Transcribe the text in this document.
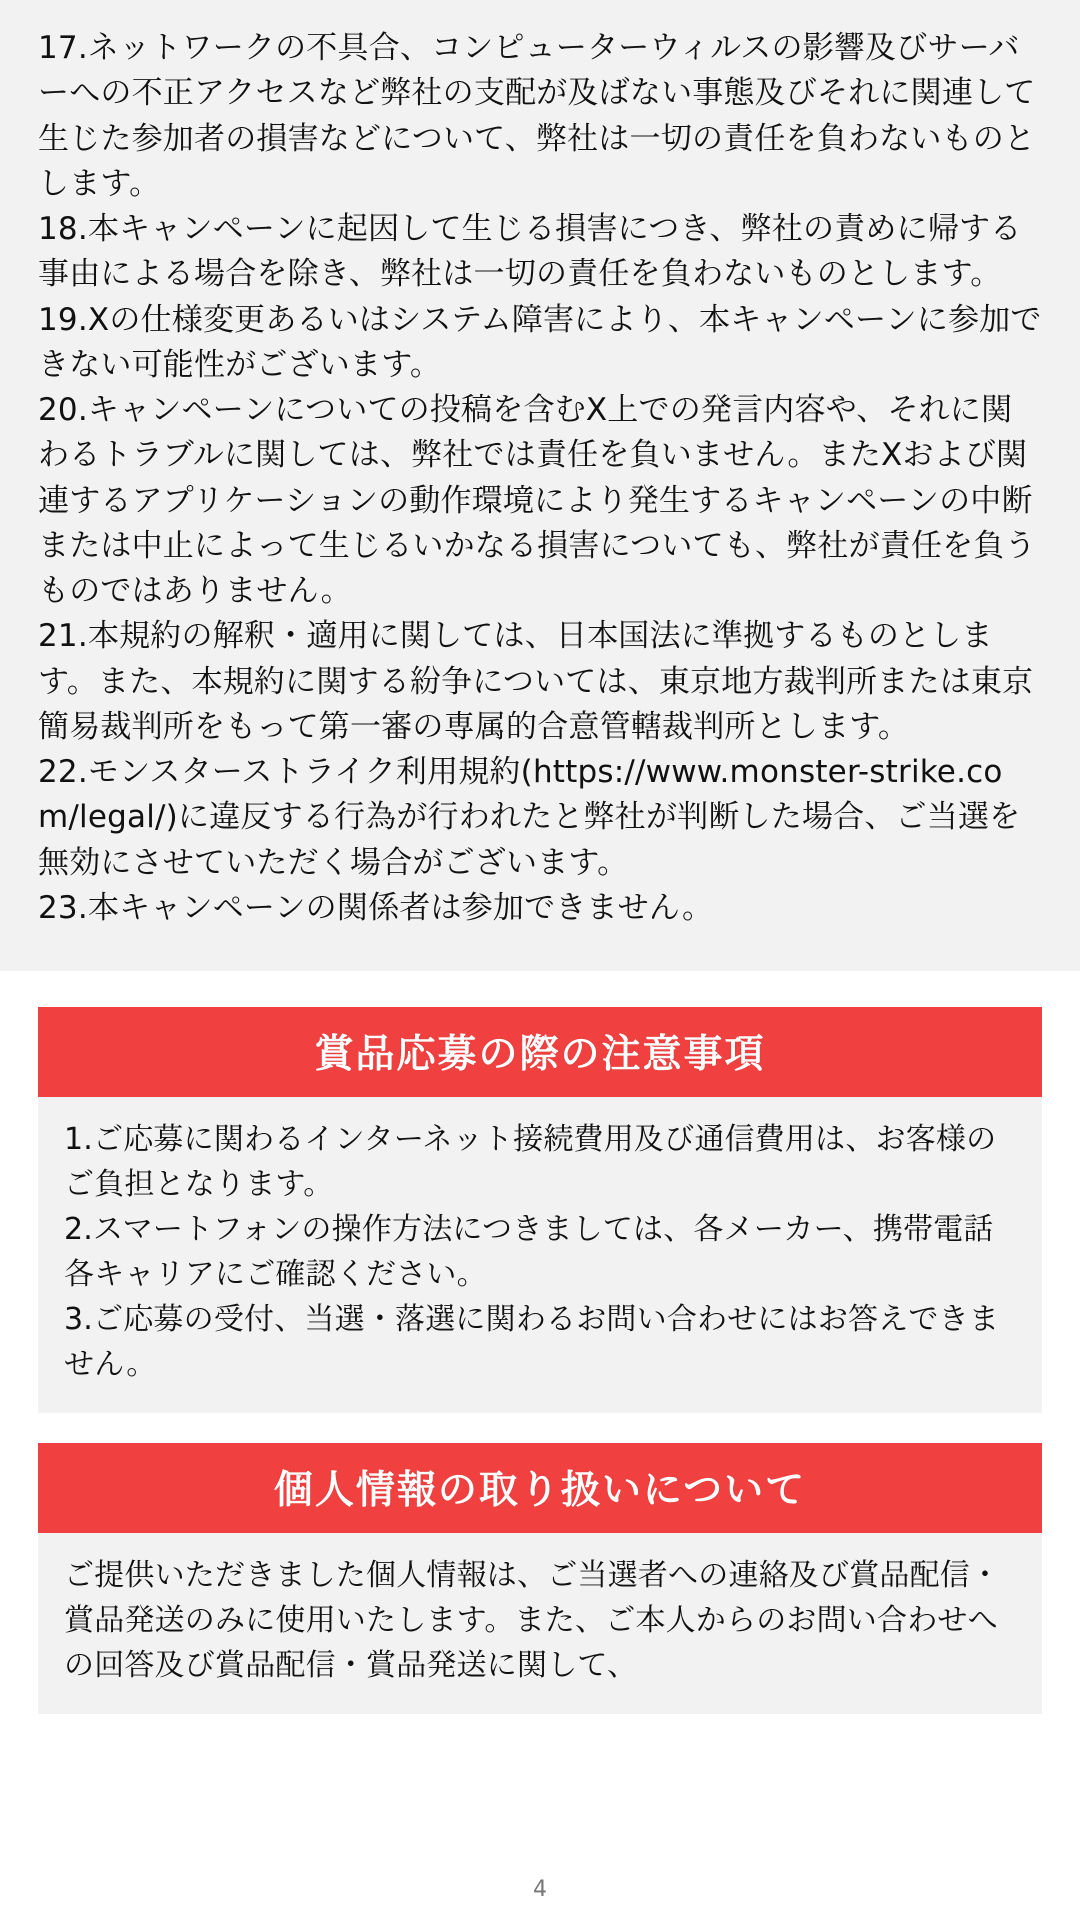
17.ネットワークの不具合、コンピューターウィルスの影響及びサーバーへの不正アクセスなど弊社の支配が及ばない事態及びそれに関連して生じた参加者の損害などについて、弊社は一切の責任を負わないものとします。

18.本キャンペーンに起因して生じる損害につき、弊社の責めに帰する事由による場合を除き、弊社は一切の責任を負わないものとします。

19.Xの仕様変更あるいはシステム障害により、本キャンペーンに参加できない可能性がございます。

20.キャンペーンについての投稿を含むX上での発言内容や、それに関わるトラブルに関しては、弊社では責任を負いません。またXおよび関連するアプリケーションの動作環境により発生するキャンペーンの中断または中止によって生じるいかなる損害についても、弊社が責任を負うものではありません。

21.本規約の解釈・適用に関しては、日本国法に準拠するものとします。また、本規約に関する紛争については、東京地方裁判所または東京簡易裁判所をもって第一審の専属的合意管轄裁判所とします。

22.モンスターストライク利用規約(https://www.monster-strike.com/legal/)に違反する行為が行われたと弊社が判断した場合、ご当選を無効にさせていただく場合がございます。

23.本キャンペーンの関係者は参加できません。

賞品応募の際の注意事項

1.ご応募に関わるインターネット接続費用及び通信費用は、お客様のご負担となります。

2.スマートフォンの操作方法につきましては、各メーカー、携帯電話各キャリアにご確認ください。

3.ご応募の受付、当選・落選に関わるお問い合わせにはお答えできません。

個人情報の取り扱いについて

ご提供いただきました個人情報は、ご当選者への連絡及び賞品配信・賞品発送のみに使用いたします。また、ご本人からのお問い合わせへの回答及び賞品配信・賞品発送に関して、

4
